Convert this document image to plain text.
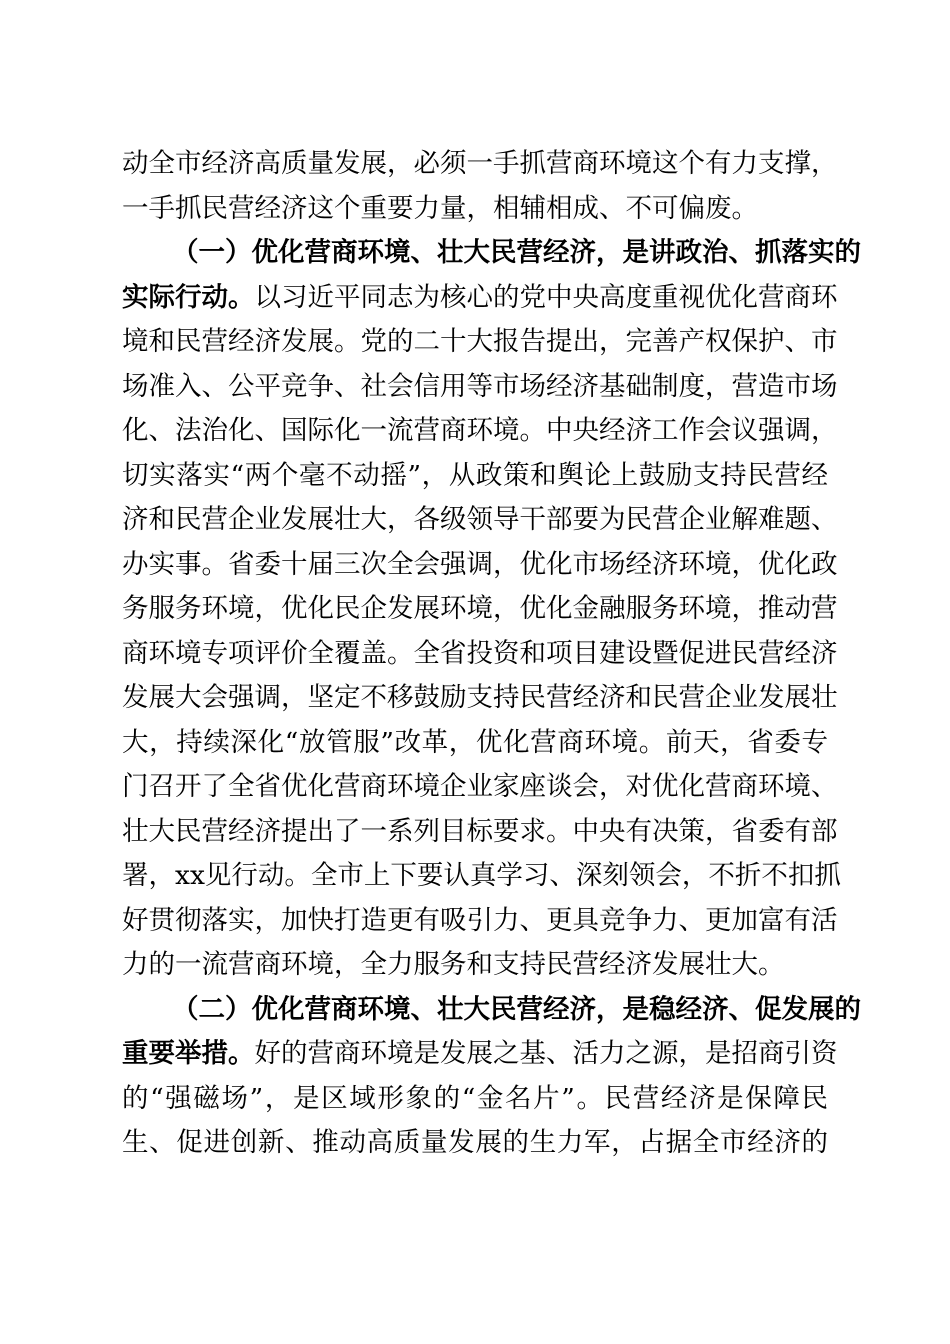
动全市经济高质量发展，必须一手抓营商环境这个有力支撑，
一手抓民营经济这个重要力量，相辅相成、不可偏废。
（一）优化营商环境、壮大民营经济，是讲政治、抓落实的
实际行动。以习近平同志为核心的党中央高度重视优化营商环
境和民营经济发展。党的二十大报告提出，完善产权保护、市
场准入、公平竞争、社会信用等市场经济基础制度，营造市场
化、法治化、国际化一流营商环境。中央经济工作会议强调，
切实落实“两个毫不动摇”，从政策和舆论上鼓励支持民营经
济和民营企业发展壮大，各级领导干部要为民营企业解难题、
办实事。省委十届三次全会强调，优化市场经济环境，优化政
务服务环境，优化民企发展环境，优化金融服务环境，推动营
商环境专项评价全覆盖。全省投资和项目建设暨促进民营经济
发展大会强调，坚定不移鼓励支持民营经济和民营企业发展壮
大，持续深化“放管服”改革，优化营商环境。前天，省委专
门召开了全省优化营商环境企业家座谈会，对优化营商环境、
壮大民营经济提出了一系列目标要求。中央有决策，省委有部
署，xx见行动。全市上下要认真学习、深刻领会，不折不扣抓
好贯彻落实，加快打造更有吸引力、更具竞争力、更加富有活
力的一流营商环境，全力服务和支持民营经济发展壮大。
（二）优化营商环境、壮大民营经济，是稳经济、促发展的
重要举措。好的营商环境是发展之基、活力之源，是招商引资
的“强磁场”，是区域形象的“金名片”。民营经济是保障民
生、促进创新、推动高质量发展的生力军，占据全市经济的
